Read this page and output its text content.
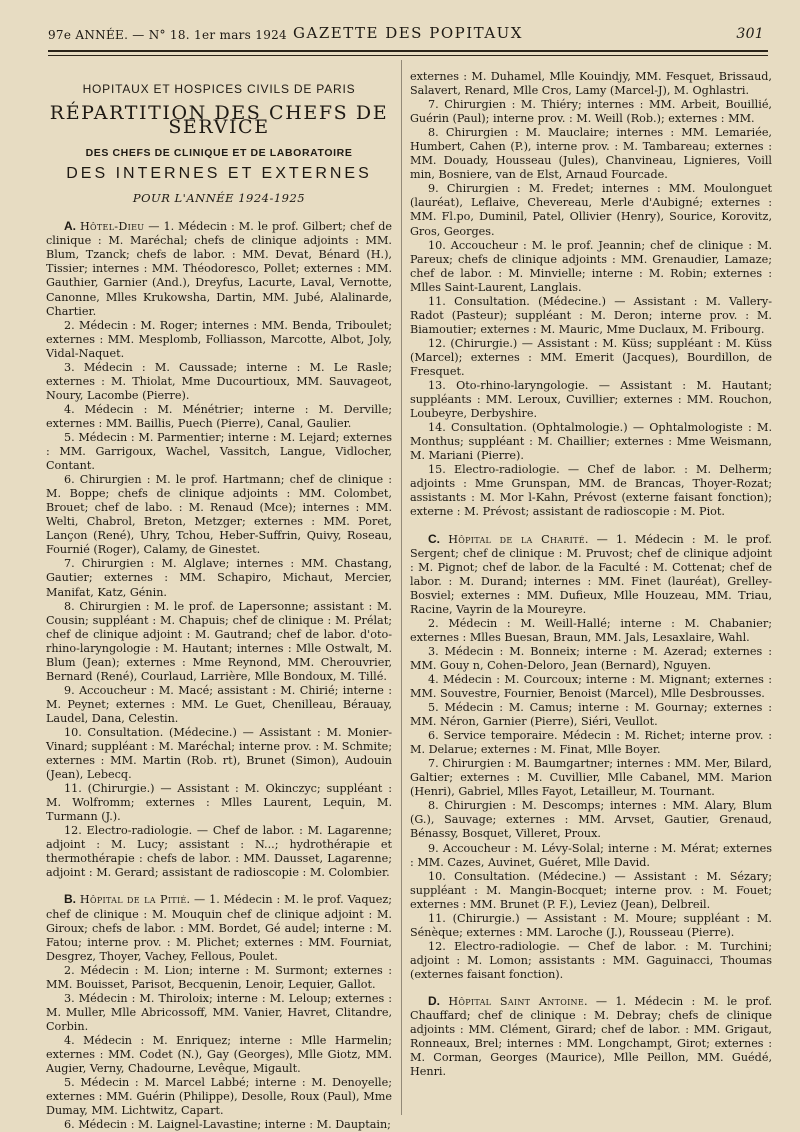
97e ANNÉE. — N° 18. 1er mars 1924 GAZETTE DES POPITAUX	301
HOPITAUX ET HOSPICES CIVILS DE PARIS
RÉPARTITION DES CHEFS DE SERVICE
DES CHEFS DE CLINIQUE ET DE LABORATOIRE
DES INTERNES ET EXTERNES
POUR L'ANNÉE 1924-1925

A. Hôtel-Dieu — 1. Médecin : M. le prof. Gilbert; chef de clinique : M. Maréchal; chefs de clinique adjoints : MM. Blum, Tzanck; chefs de labor. : MM. Devat, Bénard (H.), Tissier; internes : MM. Théodoresco, Pollet; externes : MM. Gauthier, Garnier (And.), Dreyfus, Lacurte, Laval, Vernotte, Canonne, Mlles Krukowsha, Dartin, MM. Jubé, Alalinarde, Chartier.

2. Médecin : M. Roger; internes : MM. Benda, Triboulet; externes : MM. Mesplomb, Folliasson, Marcotte, Albot, Joly, Vidal-Naquet.

3. Médecin : M. Caussade; interne : M. Le Rasle; externes : M. Thiolat, Mme Ducourtioux, MM. Sauvageot, Noury, Lacombe (Pierre).

4. Médecin : M. Ménétrier; interne : M. Derville; externes : MM. Baillis, Puech (Pierre), Canal, Gaulier.

5. Médecin : M. Parmentier; interne : M. Lejard; externes : MM. Garrigoux, Wachel, Vassitch, Langue, Vidlocher, Contant.

6. Chirurgien : M. le prof. Hartmann; chef de clinique : M. Boppe; chefs de clinique adjoints : MM. Colombet, Brouet; chef de labo. : M. Renaud (Mce); internes : MM. Welti, Chabrol, Breton, Metzger; externes : MM. Poret, Lançon (René), Uhry, Tchou, Heber-Suffrin, Quivy, Roseau, Fournié (Roger), Calamy, de Ginestet.

7. Chirurgien : M. Alglave; internes : MM. Chastang, Gautier; externes : MM. Schapiro, Michaut, Mercier, Manifat, Katz, Génin.

8. Chirurgien : M. le prof. de Lapersonne; assistant : M. Cousin; suppléant : M. Chapuis; chef de clinique : M. Prélat; chef de clinique adjoint : M. Gautrand; chef de labor. d'oto-rhino-laryngologie : M. Hautant; internes : Mlle Ostwalt, M. Blum (Jean); externes : Mme Reynond, MM. Cherouvrier, Bernard (René), Courlaud, Larrière, Mlle Bondoux, M. Tillé.

9. Accoucheur : M. Macé; assistant : M. Chirié; interne : M. Peynet; externes : MM. Le Guet, Chenilleau, Bérauay, Laudel, Dana, Celestin.

10. Consultation. (Médecine.) — Assistant : M. Monier-Vinard; suppléant : M. Maréchal; interne prov. : M. Schmite; externes : MM. Martin (Rob. rt), Brunet (Simon), Audouin (Jean), Lebecq.

11. (Chirurgie.) — Assistant : M. Okinczyc; suppléant : M. Wolfromm; externes : Mlles Laurent, Lequin, M. Turmann (J.).

12. Electro-radiologie. — Chef de labor. : M. Lagarenne; adjoint : M. Lucy; assistant : N...; hydrothérapie et thermothérapie : chefs de labor. : MM. Dausset, Lagarenne; adjoint : M. Gerard; assistant de radioscopie : M. Colombier.

B. Hôpital de la Pitié. — 1. Médecin : M. le prof. Vaquez; chef de clinique : M. Mouquin chef de clinique adjoint : M. Giroux; chefs de labor. : MM. Bordet, Gé audel; interne : M. Fatou; interne prov. : M. Plichet; externes : MM. Fourniat, Desgrez, Thoyer, Vachey, Fellous, Poulet.

2. Médecin : M. Lion; interne : M. Surmont; externes : MM. Bouisset, Parisot, Becquenin, Lenoir, Lequier, Gallot.

3. Médecin : M. Thiroloix; interne : M. Leloup; externes : M. Muller, Mlle Abricossoff, MM. Vanier, Havret, Clitandre, Corbin.

4. Médecin : M. Enriquez; interne : Mlle Harmelin; externes : MM. Codet (N.), Gay (Georges), Mlle Giotz, MM. Augier, Verny, Chadourne, Levêque, Migault.

5. Médecin : M. Marcel Labbé; interne : M. Denoyelle; externes : MM. Guérin (Philippe), Desolle, Roux (Paul), Mme Dumay, MM. Lichtwitz, Capart.

6. Médecin : M. Laignel-Lavastine; interne : M. Dauptain;

externes : M. Duhamel, Mlle Kouindjy, MM. Fesquet, Brissaud, Salavert, Renard, Mlle Cros, Lamy (Marcel-J), M. Oghlastri.

7. Chirurgien : M. Thiéry; internes : MM. Arbeit, Bouillié, Guérin (Paul); interne prov. : M. Weill (Rob.); externes : MM.

8. Chirurgien : M. Mauclaire; internes : MM. Lemariée, Humbert, Cahen (P.), interne prov. : M. Tambareau; externes : MM. Douady, Housseau (Jules), Chanvineau, Lignieres, Voill min, Bosniere, van de Elst, Arnaud Fourcade.

9. Chirurgien : M. Fredet; internes : MM. Moulonguet (lauréat), Leflaive, Chevereau, Merle d'Aubigné; externes : MM. Fl.po, Duminil, Patel, Ollivier (Henry), Sourice, Korovitz, Gros, Georges.

10. Accoucheur : M. le prof. Jeannin; chef de clinique : M. Pareux; chefs de clinique adjoints : MM. Grenaudier, Lamaze; chef de labor. : M. Minvielle; interne : M. Robin; externes : Mlles Saint-Laurent, Langlais.

11. Consultation. (Médecine.) — Assistant : M. Vallery-Radot (Pasteur); suppléant : M. Deron; interne prov. : M. Biamoutier; externes : M. Mauric, Mme Duclaux, M. Fribourg.

12. (Chirurgie.) — Assistant : M. Küss; suppléant : M. Küss (Marcel); externes : MM. Emerit (Jacques), Bourdillon, de Fresquet.

13. Oto-rhino-laryngologie. — Assistant : M. Hautant; suppléants : MM. Leroux, Cuvillier; externes : MM. Rouchon, Loubeyre, Derbyshire.

14. Consultation. (Ophtalmologie.) — Ophtalmologiste : M. Monthus; suppléant : M. Chaillier; externes : Mme Weismann, M. Mariani (Pierre).

15. Electro-radiologie. — Chef de labor. : M. Delherm; adjoints : Mme Grunspan, MM. de Brancas, Thoyer-Rozat; assistants : M. Mor l-Kahn, Prévost (externe faisant fonction); externe : M. Prévost; assistant de radioscopie : M. Piot.

C. Hôpital de la Charité. — 1. Médecin : M. le prof. Sergent; chef de clinique : M. Pruvost; chef de clinique adjoint : M. Pignot; chef de labor. de la Faculté : M. Cottenat; chef de labor. : M. Durand; internes : MM. Finet (lauréat), Grelley-Bosviel; externes : MM. Dufieux, Mlle Houzeau, MM. Triau, Racine, Vayrin de la Moureyre.

2. Médecin : M. Weill-Hallé; interne : M. Chabanier; externes : Mlles Buesan, Braun, MM. Jals, Lesaxlaire, Wahl.

3. Médecin : M. Bonneix; interne : M. Azerad; externes : MM. Gouy n, Cohen-Deloro, Jean (Bernard), Nguyen.

4. Médecin : M. Courcoux; interne : M. Mignant; externes : MM. Souvestre, Fournier, Benoist (Marcel), Mlle Desbrousses.

5. Médecin : M. Camus; interne : M. Gournay; externes : MM. Néron, Garnier (Pierre), Siéri, Veullot.

6. Service temporaire. Médecin : M. Richet; interne prov. : M. Delarue; externes : M. Finat, Mlle Boyer.

7. Chirurgien : M. Baumgartner; internes : MM. Mer, Bilard, Galtier; externes : M. Cuvillier, Mlle Cabanel, MM. Marion (Henri), Gabriel, Mlles Fayot, Letailleur, M. Tournant.

8. Chirurgien : M. Descomps; internes : MM. Alary, Blum (G.), Sauvage; externes : MM. Arvset, Gautier, Grenaud, Bénassy, Bosquet, Villeret, Proux.

9. Accoucheur : M. Lévy-Solal; interne : M. Mérat; externes : MM. Cazes, Auvinet, Guéret, Mlle David.

10. Consultation. (Médecine.) — Assistant : M. Sézary; suppléant : M. Mangin-Bocquet; interne prov. : M. Fouet; externes : MM. Brunet (P. F.), Leviez (Jean), Delbreil.

11. (Chirurgie.) — Assistant : M. Moure; suppléant : M. Sénèque; externes : MM. Laroche (J.), Rousseau (Pierre).

12. Electro-radiologie. — Chef de labor. : M. Turchini; adjoint : M. Lomon; assistants : MM. Gaguinacci, Thoumas (externes faisant fonction).

D. Hôpital Saint Antoine. — 1. Médecin : M. le prof. Chauffard; chef de clinique : M. Debray; chefs de clinique adjoints : MM. Clément, Girard; chef de labor. : MM. Grigaut, Ronneaux, Brel; internes : MM. Longchampt, Girot; externes : M. Corman, Georges (Maurice), Mlle Peillon, MM. Guédé, Henri.
